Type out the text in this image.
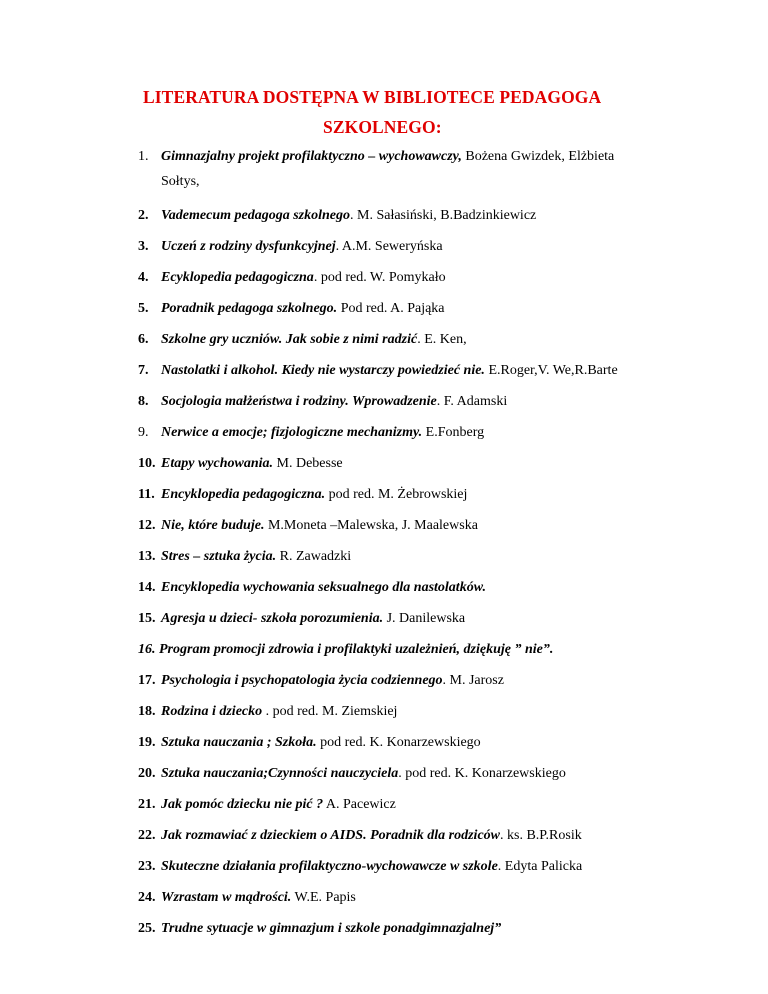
LITERATURA DOSTĘPNA W BIBLIOTECE PEDAGOGA
SZKOLNEGO:
1. Gimnazjalny projekt profilaktyczno – wychowawczy, Bożena Gwizdek, Elżbieta
Sołtys,
2. Vademecum pedagoga szkolnego. M. Sałasiński, B.Badzinkiewicz
3. Uczeń z rodziny dysfunkcyjnej. A.M. Seweryńska
4. Ecyklopedia pedagogiczna. pod red. W. Pomykało
5. Poradnik pedagoga szkolnego. Pod red. A. Pająka
6. Szkolne gry uczniów. Jak sobie z nimi radzić. E. Ken,
7. Nastolatki i alkohol. Kiedy nie wystarczy powiedzieć nie. E.Roger,V. We,R.Barte
8. Socjologia małżeństwa i rodziny. Wprowadzenie. F. Adamski
9. Nerwice a emocje; fizjologiczne mechanizmy. E.Fonberg
10. Etapy wychowania. M. Debesse
11. Encyklopedia pedagogiczna. pod red. M. Żebrowskiej
12. Nie, które buduje. M.Moneta –Malewska, J. Maalewska
13. Stres – sztuka życia. R. Zawadzki
14. Encyklopedia wychowania seksualnego dla nastolatków.
15. Agresja u dzieci- szkoła porozumienia. J. Danilewska
16. Program promocji zdrowia i profilaktyki uzależnień, dziękuję ” nie”.
17. Psychologia i psychopatologia życia codziennego. M. Jarosz
18. Rodzina i dziecko . pod red. M. Ziemskiej
19. Sztuka nauczania ; Szkoła. pod red. K. Konarzewskiego
20. Sztuka nauczania;Czynności nauczyciela. pod red. K. Konarzewskiego
21. Jak pomóc dziecku nie pić ? A. Pacewicz
22. Jak rozmawiać z dzieckiem o AIDS. Poradnik dla rodziców. ks. B.P.Rosik
23. Skuteczne działania profilaktyczno-wychowawcze w szkole. Edyta Palicka
24. Wzrastam w mądrości. W.E. Papis
25. Trudne sytuacje w gimnazjum i szkole ponadgimnazjalnej”
